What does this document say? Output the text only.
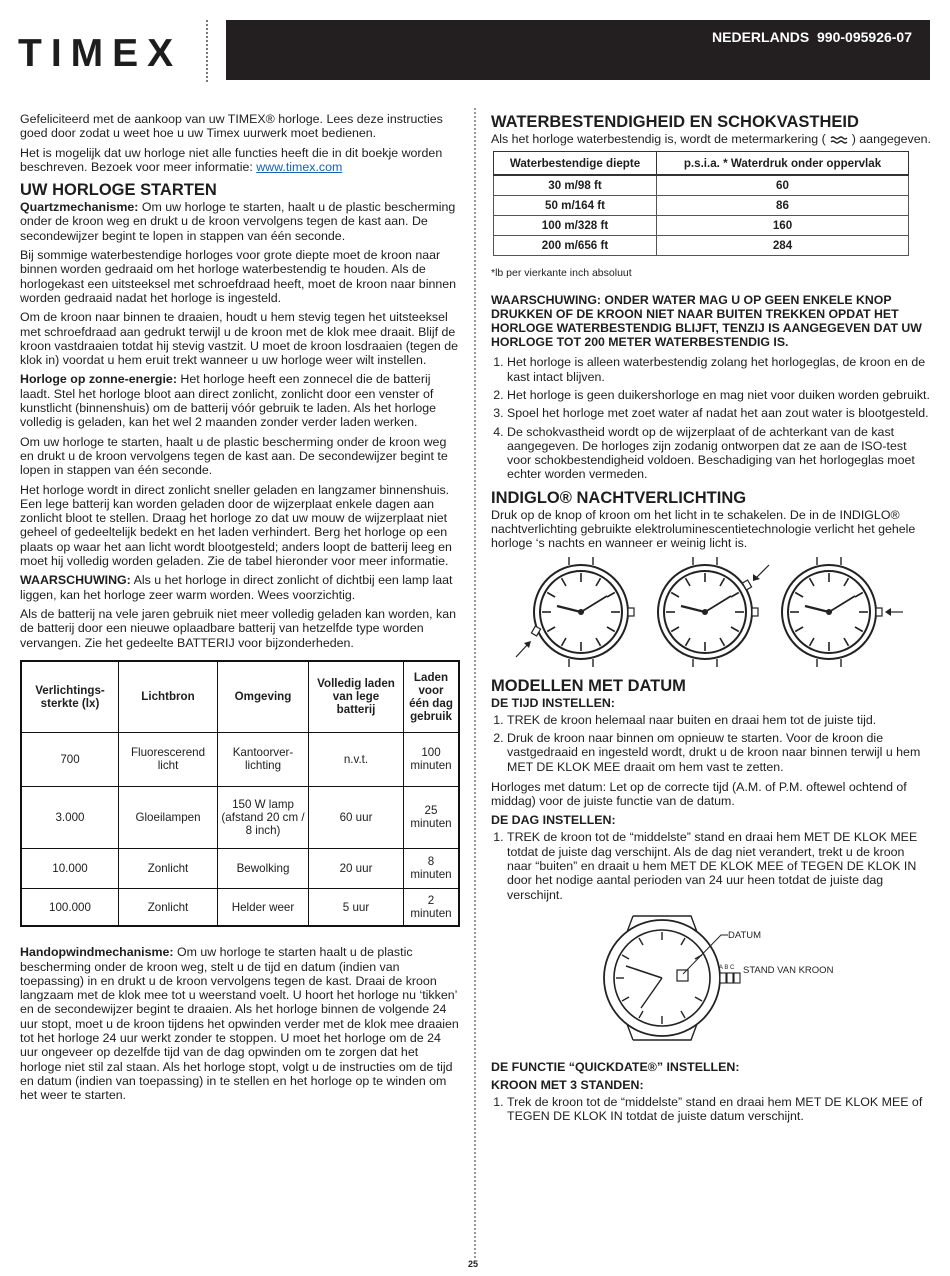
TIMEX	NEDERLANDS  990-095926-07

Gefeliciteerd met de aankoop van uw TIMEX® horloge. Lees deze instructies goed door zodat u weet hoe u uw Timex uurwerk moet bedienen.

Het is mogelijk dat uw horloge niet alle functies heeft die in dit boekje worden beschreven. Bezoek voor meer informatie: www.timex.com

UW HORLOGE STARTEN

Quartzmechanisme: Om uw horloge te starten, haalt u de plastic bescherming onder de kroon weg en drukt u de kroon vervolgens tegen de kast aan. De secondewijzer begint te lopen in stappen van één seconde.

Bij sommige waterbestendige horloges voor grote diepte moet de kroon naar binnen worden gedraaid om het horloge waterbestendig te houden. Als de horlogekast een uitsteeksel met schroefdraad heeft, moet de kroon naar binnen worden gedraaid nadat het horloge is ingesteld.

Om de kroon naar binnen te draaien, houdt u hem stevig tegen het uitsteeksel met schroefdraad aan gedrukt terwijl u de kroon met de klok mee draait. Blijf de kroon vastdraaien totdat hij stevig vastzit. U moet de kroon losdraaien (tegen de klok in) voordat u hem eruit trekt wanneer u uw horloge weer wilt instellen.

Horloge op zonne-energie: Het horloge heeft een zonnecel die de batterij laadt. Stel het horloge bloot aan direct zonlicht, zonlicht door een venster of kunstlicht (binnenshuis) om de batterij vóór gebruik te laden. Als het horloge volledig is geladen, kan het wel 2 maanden zonder verder laden werken.

Om uw horloge te starten, haalt u de plastic bescherming onder de kroon weg en drukt u de kroon vervolgens tegen de kast aan. De secondewijzer begint te lopen in stappen van één seconde.

Het horloge wordt in direct zonlicht sneller geladen en langzamer binnenshuis. Een lege batterij kan worden geladen door de wijzerplaat enkele dagen aan zonlicht bloot te stellen. Draag het horloge zo dat uw mouw de wijzerplaat niet geheel of gedeeltelijk bedekt en het laden verhindert. Berg het horloge op een plaats op waar het aan licht wordt blootgesteld; anders loopt de batterij leeg en moet hij volledig worden geladen. Zie de tabel hieronder voor meer informatie.

WAARSCHUWING: Als u het horloge in direct zonlicht of dichtbij een lamp laat liggen, kan het horloge zeer warm worden. Wees voorzichtig.

Als de batterij na vele jaren gebruik niet meer volledig geladen kan worden, kan de batterij door een nieuwe oplaadbare batterij van hetzelfde type worden vervangen. Zie het gedeelte BATTERIJ voor bijzonderheden.

Verlichtings-sterkte (lx)	Lichtbron	Omgeving	Volledig laden van lege batterij	Laden voor één dag gebruik
700	Fluorescerend licht	Kantoorver-lichting	n.v.t.	100 minuten
3.000	Gloeilampen	150 W lamp (afstand 20 cm / 8 inch)	60 uur	25 minuten
10.000	Zonlicht	Bewolking	20 uur	8 minuten
100.000	Zonlicht	Helder weer	5 uur	2 minuten

Handopwindmechanisme: Om uw horloge te starten haalt u de plastic bescherming onder de kroon weg, stelt u de tijd en datum (indien van toepassing) in en drukt u de kroon vervolgens tegen de kast. Draai de kroon langzaam met de klok mee tot u weerstand voelt. U hoort het horloge nu ‘tikken’ en de secondewijzer begint te draaien. Als het horloge binnen de volgende 24 uur stopt, moet u de kroon tijdens het opwinden verder met de klok mee draaien tot het horloge 24 uur werkt zonder te stoppen. U moet het horloge om de 24 uur ongeveer op dezelfde tijd van de dag opwinden om te zorgen dat het horloge niet stil zal staan. Als het horloge stopt, volgt u de instructies om de tijd en datum (indien van toepassing) in te stellen en het horloge op te winden om het weer te starten.

WATERBESTENDIGHEID EN SCHOKVASTHEID

Als het horloge waterbestendig is, wordt de metermarkering ( ) aangegeven.

Waterbestendige diepte	p.s.i.a. * Waterdruk onder oppervlak
30 m/98 ft	60
50 m/164 ft	86
100 m/328 ft	160
200 m/656 ft	284

*lb per vierkante inch absoluut

WAARSCHUWING: ONDER WATER MAG U OP GEEN ENKELE KNOP DRUKKEN OF DE KROON NIET NAAR BUITEN TREKKEN OPDAT HET HORLOGE WATERBESTENDIG BLIJFT, TENZIJ IS AANGEGEVEN DAT UW HORLOGE TOT 200 METER WATERBESTENDIG IS.

1. Het horloge is alleen waterbestendig zolang het horlogeglas, de kroon en de kast intact blijven.
2. Het horloge is geen duikershorloge en mag niet voor duiken worden gebruikt.
3. Spoel het horloge met zoet water af nadat het aan zout water is blootgesteld.
4. De schokvastheid wordt op de wijzerplaat of de achterkant van de kast aangegeven. De horloges zijn zodanig ontworpen dat ze aan de ISO-test voor schokbestendigheid voldoen. Beschadiging van het horlogeglas moet echter worden vermeden.
INDIGLO® NACHTVERLICHTING

Druk op de knop of kroon om het licht in te schakelen. De in de INDIGLO® nachtverlichting gebruikte elektroluminescentietechnologie verlicht het gehele horloge ‘s nachts en wanneer er weinig licht is.

MODELLEN MET DATUM
DE TIJD INSTELLEN:
1. TREK de kroon helemaal naar buiten en draai hem tot de juiste tijd.
2. Druk de kroon naar binnen om opnieuw te starten. Voor de kroon die vastgedraaid en ingesteld wordt, drukt u de kroon naar binnen terwijl u hem MET DE KLOK MEE draait om hem vast te zetten.

Horloges met datum: Let op de correcte tijd (A.M. of P.M. oftewel ochtend of middag) voor de juiste functie van de datum.

DE DAG INSTELLEN:
1. TREK de kroon tot de “middelste” stand en draai hem MET DE KLOK MEE totdat de juiste dag verschijnt. Als de dag niet verandert, trekt u de kroon naar “buiten” en draait u hem MET DE KLOK MEE of TEGEN DE KLOK IN door het nodige aantal perioden van 24 uur heen totdat de juiste dag verschijnt.
DATUM
A B C STAND VAN KROON
DE FUNCTIE “QUICKDATE®” INSTELLEN:
KROON MET 3 STANDEN:
1. Trek de kroon tot de “middelste” stand en draai hem MET DE KLOK MEE of TEGEN DE KLOK IN totdat de juiste datum verschijnt.
25
